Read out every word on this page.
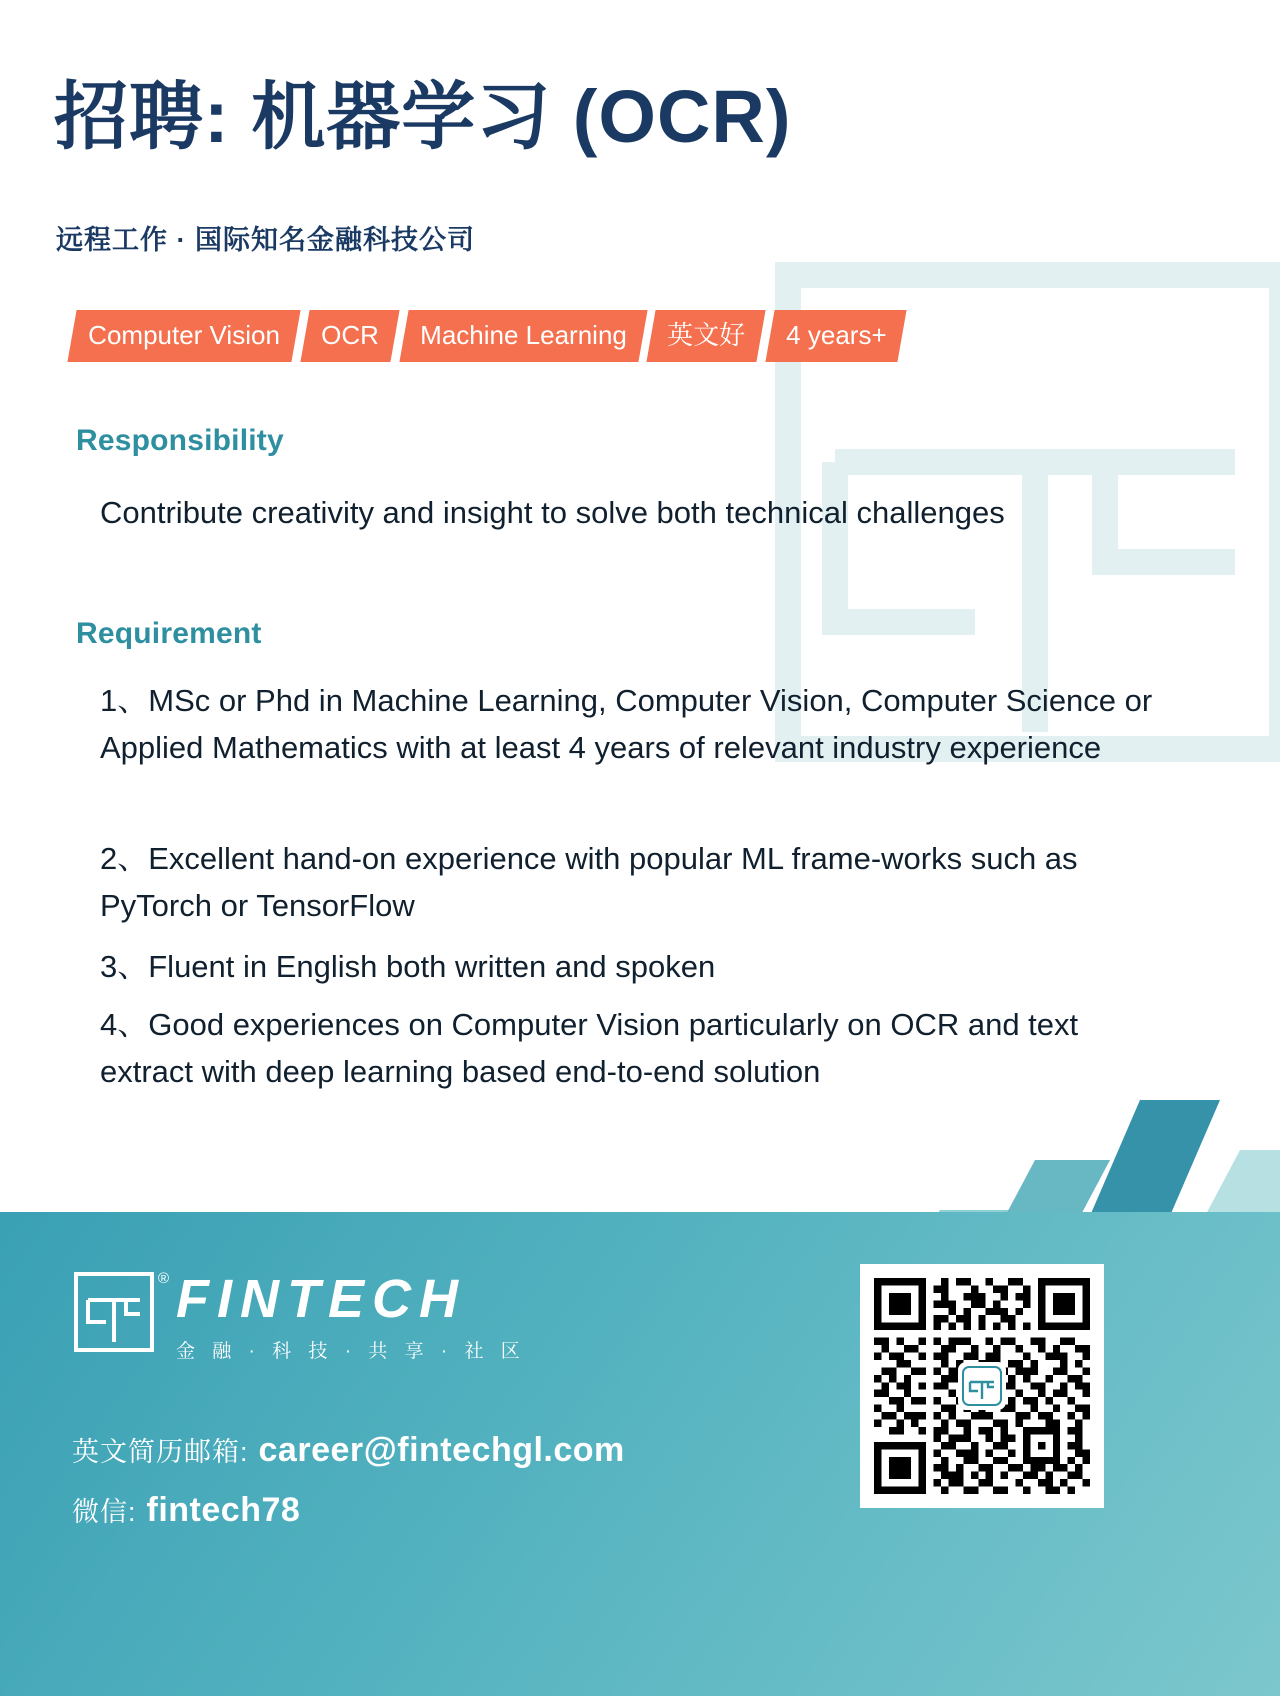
招聘: 机器学习 (OCR)
远程工作 · 国际知名金融科技公司
Computer Vision	OCR	Machine Learning	英文好	4 years+
Responsibility
Contribute creativity and insight to solve both technical challenges
Requirement
1、MSc or Phd in Machine Learning, Computer Vision, Computer Science or Applied Mathematics with at least 4 years of relevant industry experience
2、Excellent hand-on experience with popular ML frame-works such as PyTorch or TensorFlow
3、Fluent in English both written and spoken
4、Good experiences on Computer Vision particularly on OCR and text extract with deep learning based end-to-end solution
® FINTECH
金 融 · 科 技 · 共 享 · 社 区
英文简历邮箱: career@fintechgl.com
微信: fintech78
